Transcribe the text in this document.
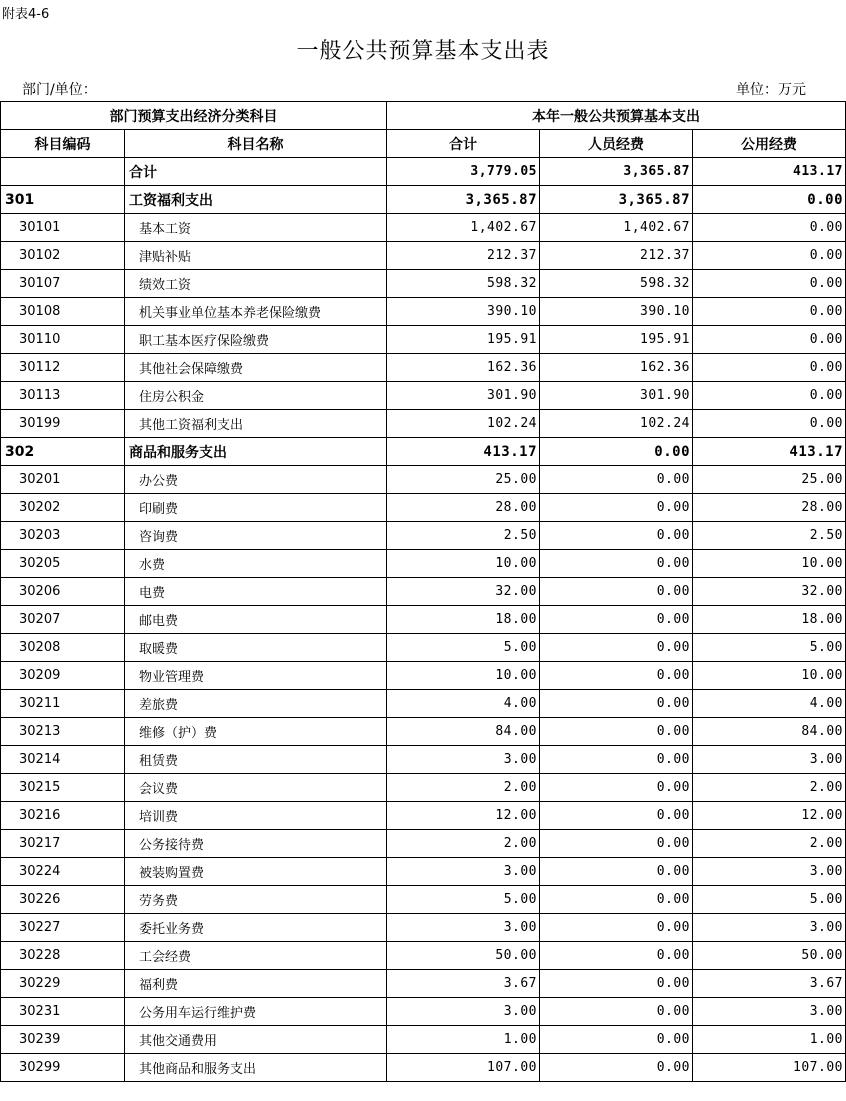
附表4-6
一般公共预算基本支出表
部门/单位：	单位：万元
部门预算支出经济分类科目		本年一般公共预算基本支出		
科目编码	科目名称	合计	人员经费	公用经费
	合计	3,779.05	3,365.87	413.17
301	工资福利支出	3,365.87	3,365.87	0.00
30101	基本工资	1,402.67	1,402.67	0.00
30102	津贴补贴	212.37	212.37	0.00
30107	绩效工资	598.32	598.32	0.00
30108	机关事业单位基本养老保险缴费	390.10	390.10	0.00
30110	职工基本医疗保险缴费	195.91	195.91	0.00
30112	其他社会保障缴费	162.36	162.36	0.00
30113	住房公积金	301.90	301.90	0.00
30199	其他工资福利支出	102.24	102.24	0.00
302	商品和服务支出	413.17	0.00	413.17
30201	办公费	25.00	0.00	25.00
30202	印刷费	28.00	0.00	28.00
30203	咨询费	2.50	0.00	2.50
30205	水费	10.00	0.00	10.00
30206	电费	32.00	0.00	32.00
30207	邮电费	18.00	0.00	18.00
30208	取暖费	5.00	0.00	5.00
30209	物业管理费	10.00	0.00	10.00
30211	差旅费	4.00	0.00	4.00
30213	维修（护）费	84.00	0.00	84.00
30214	租赁费	3.00	0.00	3.00
30215	会议费	2.00	0.00	2.00
30216	培训费	12.00	0.00	12.00
30217	公务接待费	2.00	0.00	2.00
30224	被装购置费	3.00	0.00	3.00
30226	劳务费	5.00	0.00	5.00
30227	委托业务费	3.00	0.00	3.00
30228	工会经费	50.00	0.00	50.00
30229	福利费	3.67	0.00	3.67
30231	公务用车运行维护费	3.00	0.00	3.00
30239	其他交通费用	1.00	0.00	1.00
30299	其他商品和服务支出	107.00	0.00	107.00
